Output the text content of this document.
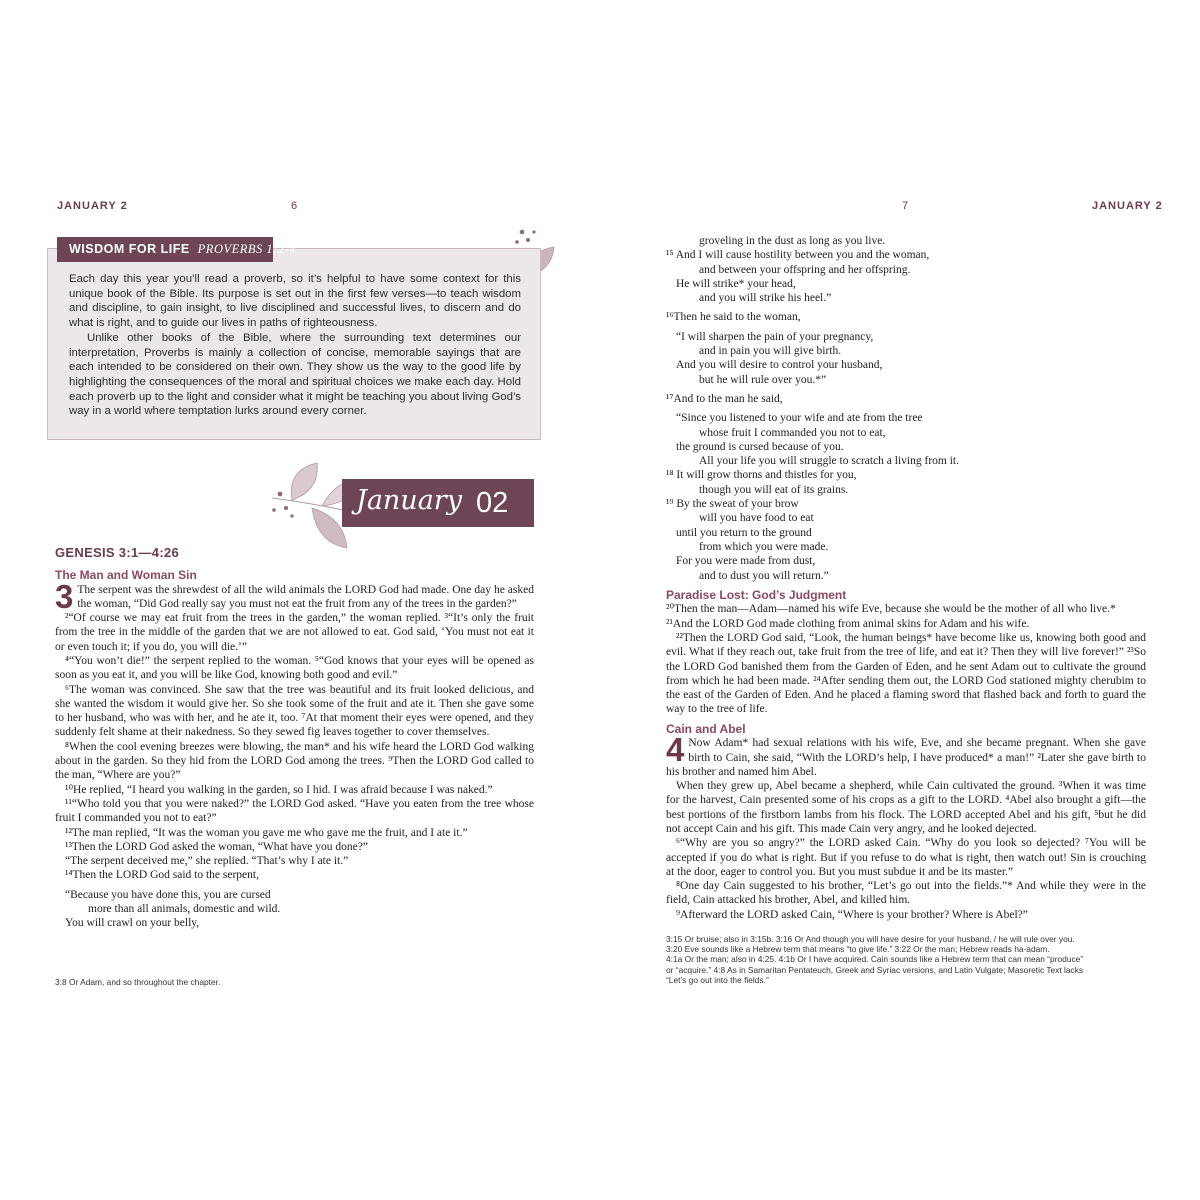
JANUARY 2	6
WISDOM FOR LIFE PROVERBS 1:2-4

Each day this year you’ll read a proverb, so it’s helpful to have some context for this unique book of the Bible. Its purpose is set out in the first few verses—to teach wisdom and discipline, to gain insight, to live disciplined and successful lives, to discern and do what is right, and to guide our lives in paths of righteousness.

Unlike other books of the Bible, where the surrounding text determines our interpretation, Proverbs is mainly a collection of concise, memorable sayings that are each intended to be considered on their own. They show us the way to the good life by highlighting the consequences of the moral and spiritual choices we make each day. Hold each proverb up to the light and consider what it might be teaching you about living God’s way in a world where temptation lurks around every corner.

January 02
GENESIS 3:1—4:26

The Man and Woman Sin

3 The serpent was the shrewdest of all the wild animals the LORD God had made. One day he asked the woman, “Did God really say you must not eat the fruit from any of the trees in the garden?”

²“Of course we may eat fruit from the trees in the garden,” the woman replied. ³“It’s only the fruit from the tree in the middle of the garden that we are not allowed to eat. God said, ‘You must not eat it or even touch it; if you do, you will die.’”

⁴“You won’t die!” the serpent replied to the woman. ⁵“God knows that your eyes will be opened as soon as you eat it, and you will be like God, knowing both good and evil.”

⁶The woman was convinced. She saw that the tree was beautiful and its fruit looked delicious, and she wanted the wisdom it would give her. So she took some of the fruit and ate it. Then she gave some to her husband, who was with her, and he ate it, too. ⁷At that moment their eyes were opened, and they suddenly felt shame at their nakedness. So they sewed fig leaves together to cover themselves.

⁸When the cool evening breezes were blowing, the man* and his wife heard the LORD God walking about in the garden. So they hid from the LORD God among the trees. ⁹Then the LORD God called to the man, “Where are you?”

¹⁰He replied, “I heard you walking in the garden, so I hid. I was afraid because I was naked.”

¹¹“Who told you that you were naked?” the LORD God asked. “Have you eaten from the tree whose fruit I commanded you not to eat?”

¹²The man replied, “It was the woman you gave me who gave me the fruit, and I ate it.”

¹³Then the LORD God asked the woman, “What have you done?”

“The serpent deceived me,” she replied. “That’s why I ate it.”

¹⁴Then the LORD God said to the serpent,

“Because you have done this, you are cursed
more than all animals, domestic and wild.
You will crawl on your belly,
3:8 Or Adam, and so throughout the chapter.
7	JANUARY 2
groveling in the dust as long as you live.
¹⁵ And I will cause hostility between you and the woman,
and between your offspring and her offspring.
He will strike* your head,
and you will strike his heel.”

¹⁶Then he said to the woman,

“I will sharpen the pain of your pregnancy,
and in pain you will give birth.
And you will desire to control your husband,
but he will rule over you.*”

¹⁷And to the man he said,

“Since you listened to your wife and ate from the tree
whose fruit I commanded you not to eat,
the ground is cursed because of you.
All your life you will struggle to scratch a living from it.
¹⁸ It will grow thorns and thistles for you,
though you will eat of its grains.
¹⁹ By the sweat of your brow
will you have food to eat
until you return to the ground
from which you were made.
For you were made from dust,
and to dust you will return.”

Paradise Lost: God’s Judgment

²⁰Then the man—Adam—named his wife Eve, because she would be the mother of all who live.*

²¹And the LORD God made clothing from animal skins for Adam and his wife.

²²Then the LORD God said, “Look, the human beings* have become like us, knowing both good and evil. What if they reach out, take fruit from the tree of life, and eat it? Then they will live forever!” ²³So the LORD God banished them from the Garden of Eden, and he sent Adam out to cultivate the ground from which he had been made. ²⁴After sending them out, the LORD God stationed mighty cherubim to the east of the Garden of Eden. And he placed a flaming sword that flashed back and forth to guard the way to the tree of life.

Cain and Abel

4 Now Adam* had sexual relations with his wife, Eve, and she became pregnant. When she gave birth to Cain, she said, “With the LORD’s help, I have produced* a man!” ²Later she gave birth to his brother and named him Abel.

When they grew up, Abel became a shepherd, while Cain cultivated the ground. ³When it was time for the harvest, Cain presented some of his crops as a gift to the LORD. ⁴Abel also brought a gift—the best portions of the firstborn lambs from his flock. The LORD accepted Abel and his gift, ⁵but he did not accept Cain and his gift. This made Cain very angry, and he looked dejected.

⁶“Why are you so angry?” the LORD asked Cain. “Why do you look so dejected? ⁷You will be accepted if you do what is right. But if you refuse to do what is right, then watch out! Sin is crouching at the door, eager to control you. But you must subdue it and be its master.”

⁸One day Cain suggested to his brother, “Let’s go out into the fields.”* And while they were in the field, Cain attacked his brother, Abel, and killed him.

⁹Afterward the LORD asked Cain, “Where is your brother? Where is Abel?”

3:15 Or bruise; also in 3:15b. 3:16 Or And though you will have desire for your husband, / he will rule over you.
3:20 Eve sounds like a Hebrew term that means “to give life.” 3:22 Or the man; Hebrew reads ha-adam.
4:1a Or the man; also in 4:25. 4:1b Or I have acquired. Cain sounds like a Hebrew term that can mean “produce”
or “acquire.” 4:8 As in Samaritan Pentateuch, Greek and Syriac versions, and Latin Vulgate; Masoretic Text lacks
“Let’s go out into the fields.”
